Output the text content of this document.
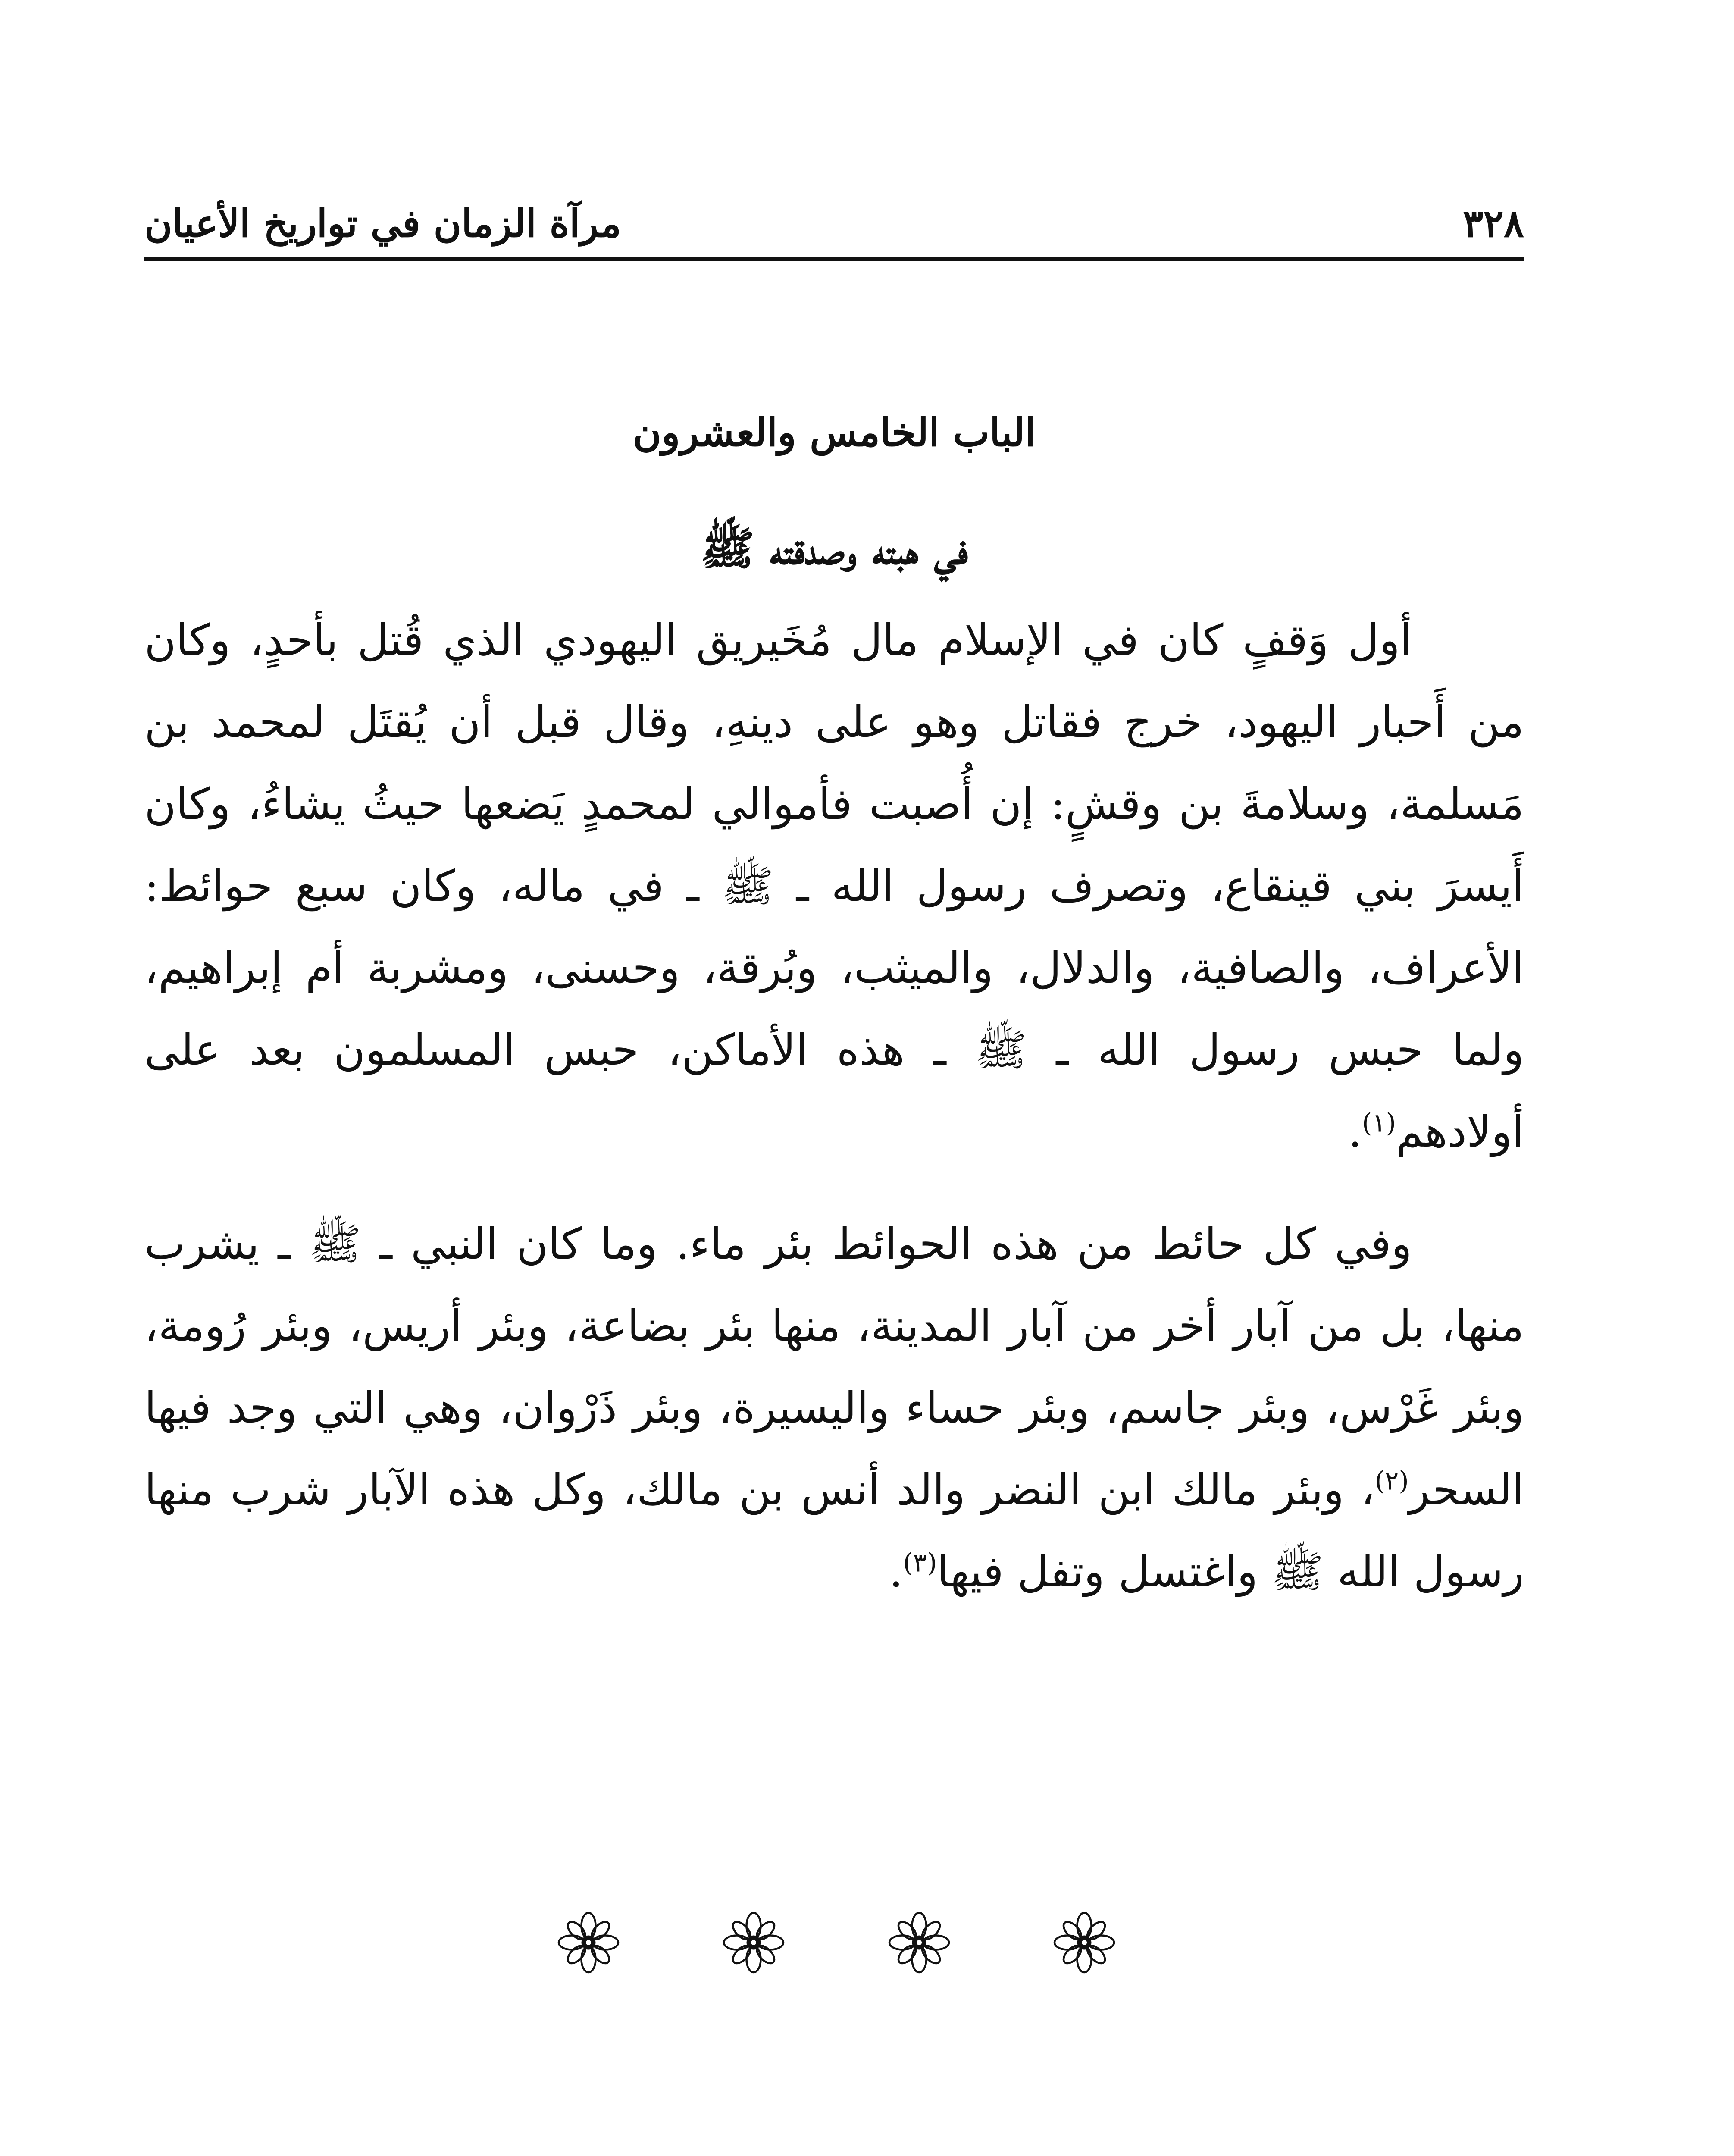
٣٢٨
مرآة الزمان في تواريخ الأعيان
الباب الخامس والعشرون
في هبته وصدقته ﷺ

أول وَقفٍ كان في الإسلام مال مُخَيريق اليهودي الذي قُتل بأحدٍ، وكان من أَحبار اليهود، خرج فقاتل وهو على دينهِ، وقال قبل أن يُقتَل لمحمد بن مَسلمة، وسلامةَ بن وقشٍ: إن أُصبت فأموالي لمحمدٍ يَضعها حيثُ يشاءُ، وكان أَيسرَ بني قينقاع، وتصرف رسول الله ـ ﷺ ـ في ماله، وكان سبع حوائط: الأعراف، والصافية، والدلال، والميثب، وبُرقة، وحسنى، ومشربة أم إبراهيم، ولما حبس رسول الله ـ ﷺ ـ هذه الأماكن، حبس المسلمون بعد على أولادهم$^{(١)}$.

وفي كل حائط من هذه الحوائط بئر ماء. وما كان النبي ـ ﷺ ـ يشرب منها، بل من آبار أخر من آبار المدينة، منها بئر بضاعة، وبئر أريس، وبئر رُومة، وبئر غَرْس، وبئر جاسم، وبئر حساء واليسيرة، وبئر ذَرْوان، وهي التي وجد فيها السحر$^{(٢)}$، وبئر مالك ابن النضر والد أنس بن مالك، وكل هذه الآبار شرب منها رسول الله ﷺ واغتسل وتفل فيها$^{(٣)}$.
